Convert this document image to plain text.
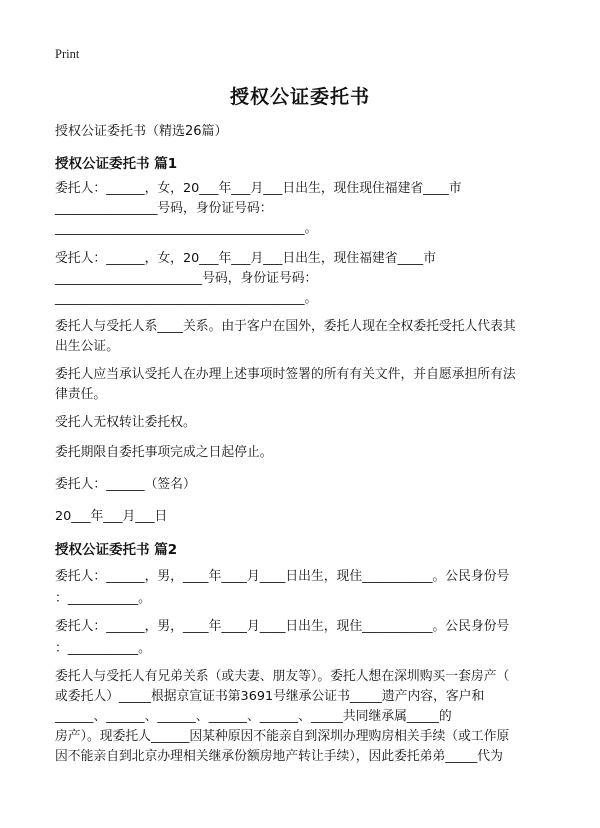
Print
授权公证委托书
授权公证委托书（精选26篇）
授权公证委托书 篇1
委托人：______，女，20___年___月___日出生，现住现住福建省____市
________________号码，身份证号码：
_______________________________________。
受托人：______，女，20___年___月___日出生，现住福建省____市
_______________________号码，身份证号码：
_______________________________________。
委托人与受托人系____关系。由于客户在国外，委托人现在全权委托受托人代表其
出生公证。
委托人应当承认受托人在办理上述事项时签署的所有有关文件，并自愿承担所有法
律责任。
受托人无权转让委托权。
委托期限自委托事项完成之日起停止。
委托人：______（签名）
20___年___月___日
授权公证委托书 篇2
委托人：______，男，____年____月____日出生，现住___________。公民身份号
：___________。
委托人：______，男，____年____月____日出生，现住___________。公民身份号
：___________。
委托人与受托人有兄弟关系（或夫妻、朋友等）。委托人想在深圳购买一套房产（
或委托人）_____根据京宣证书第3691号继承公证书_____遗产内容，客户和
______、______、______、______、______、_____共同继承属_____的
房产）。现委托人______因某种原因不能亲自到深圳办理购房相关手续（或工作原
因不能亲自到北京办理相关继承份额房地产转让手续），因此委托弟弟_____代为
